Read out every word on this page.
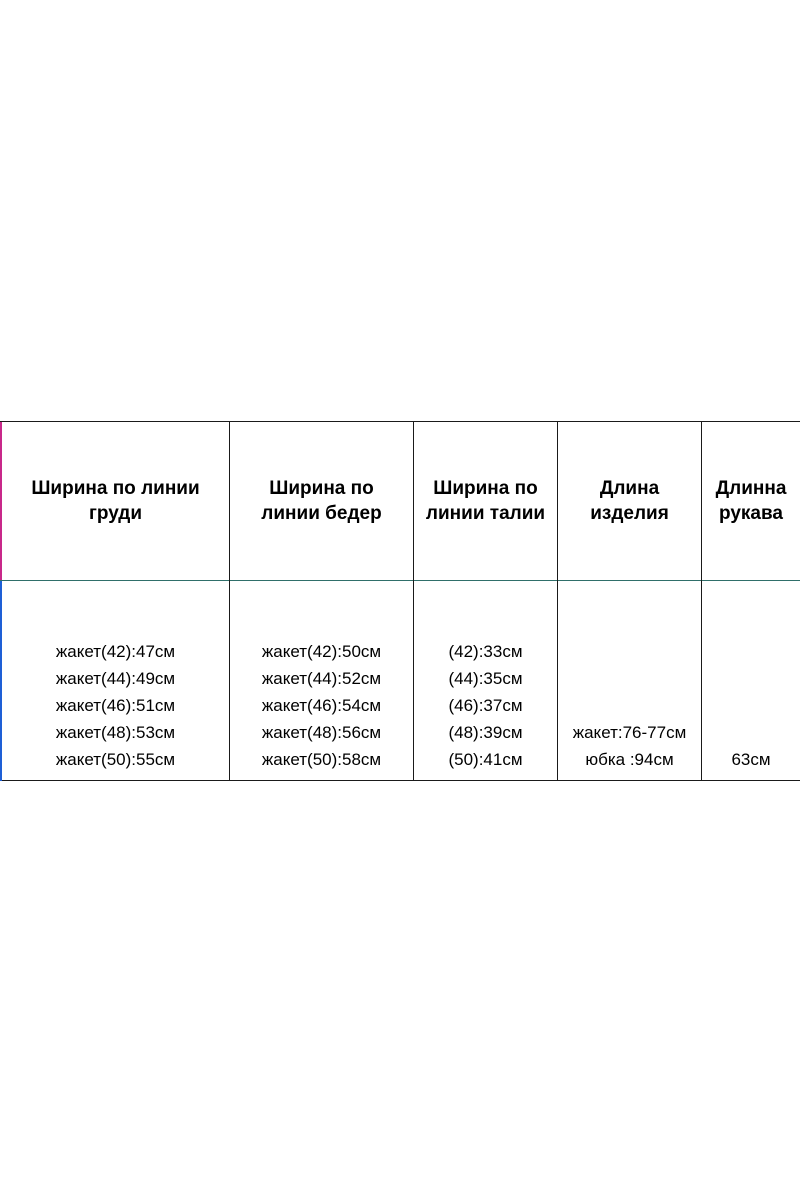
Ширина по линии
груди
Ширина по
линии бедер
Ширина по
линии талии
Длина
изделия
Длинна
рукава
жакет(42):47см
жакет(44):49см
жакет(46):51см
жакет(48):53см
жакет(50):55см
жакет(42):50см
жакет(44):52см
жакет(46):54см
жакет(48):56см
жакет(50):58см
(42):33см
(44):35см
(46):37см
(48):39см
(50):41см
жакет:76-77см
юбка :94см	63см
